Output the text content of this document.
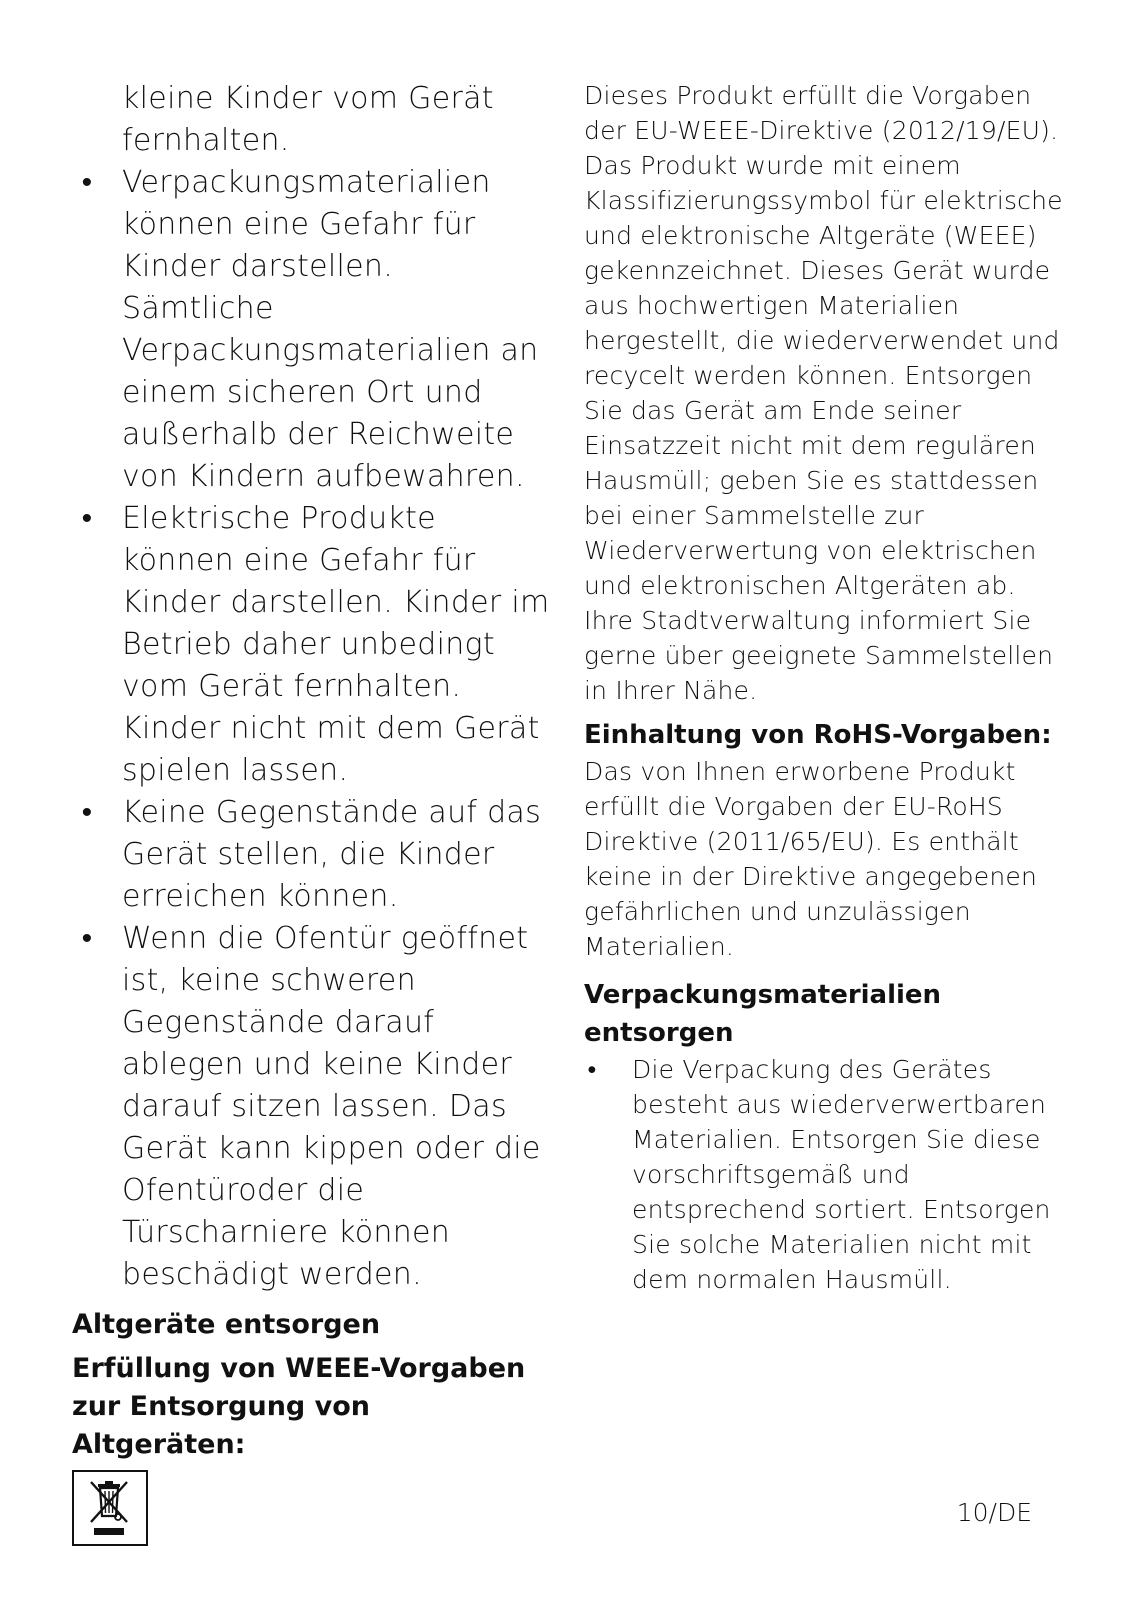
kleine Kinder vom Gerät fernhalten.
• Verpackungsmaterialien können eine Gefahr für Kinder darstellen. Sämtliche Verpackungsmaterialien an einem sicheren Ort und außerhalb der Reichweite von Kindern aufbewahren.
• Elektrische Produkte können eine Gefahr für Kinder darstellen. Kinder im Betrieb daher unbedingt vom Gerät fernhalten. Kinder nicht mit dem Gerät spielen lassen.
• Keine Gegenstände auf das Gerät stellen, die Kinder erreichen können.
• Wenn die Ofentür geöffnet ist, keine schweren Gegenstände darauf ablegen und keine Kinder darauf sitzen lassen. Das Gerät kann kippen oder die Ofentüroder die Türscharniere können beschädigt werden.
Altgeräte entsorgen
Erfüllung von WEEE-Vorgaben zur Entsorgung von Altgeräten:
Dieses Produkt erfüllt die Vorgaben der EU-WEEE-Direktive (2012/19/EU). Das Produkt wurde mit einem Klassifizierungssymbol für elektrische und elektronische Altgeräte (WEEE) gekennzeichnet. Dieses Gerät wurde aus hochwertigen Materialien hergestellt, die wiederverwendet und recycelt werden können. Entsorgen Sie das Gerät am Ende seiner Einsatzzeit nicht mit dem regulären Hausmüll; geben Sie es stattdessen bei einer Sammelstelle zur Wiederverwertung von elektrischen und elektronischen Altgeräten ab. Ihre Stadtverwaltung informiert Sie gerne über geeignete Sammelstellen in Ihrer Nähe.
Einhaltung von RoHS-Vorgaben:
Das von Ihnen erworbene Produkt erfüllt die Vorgaben der EU-RoHS Direktive (2011/65/EU). Es enthält keine in der Direktive angegebenen gefährlichen und unzulässigen Materialien.
Verpackungsmaterialien entsorgen
• Die Verpackung des Gerätes besteht aus wiederverwertbaren Materialien. Entsorgen Sie diese vorschriftsgemäß und entsprechend sortiert. Entsorgen Sie solche Materialien nicht mit dem normalen Hausmüll.
10/DE
